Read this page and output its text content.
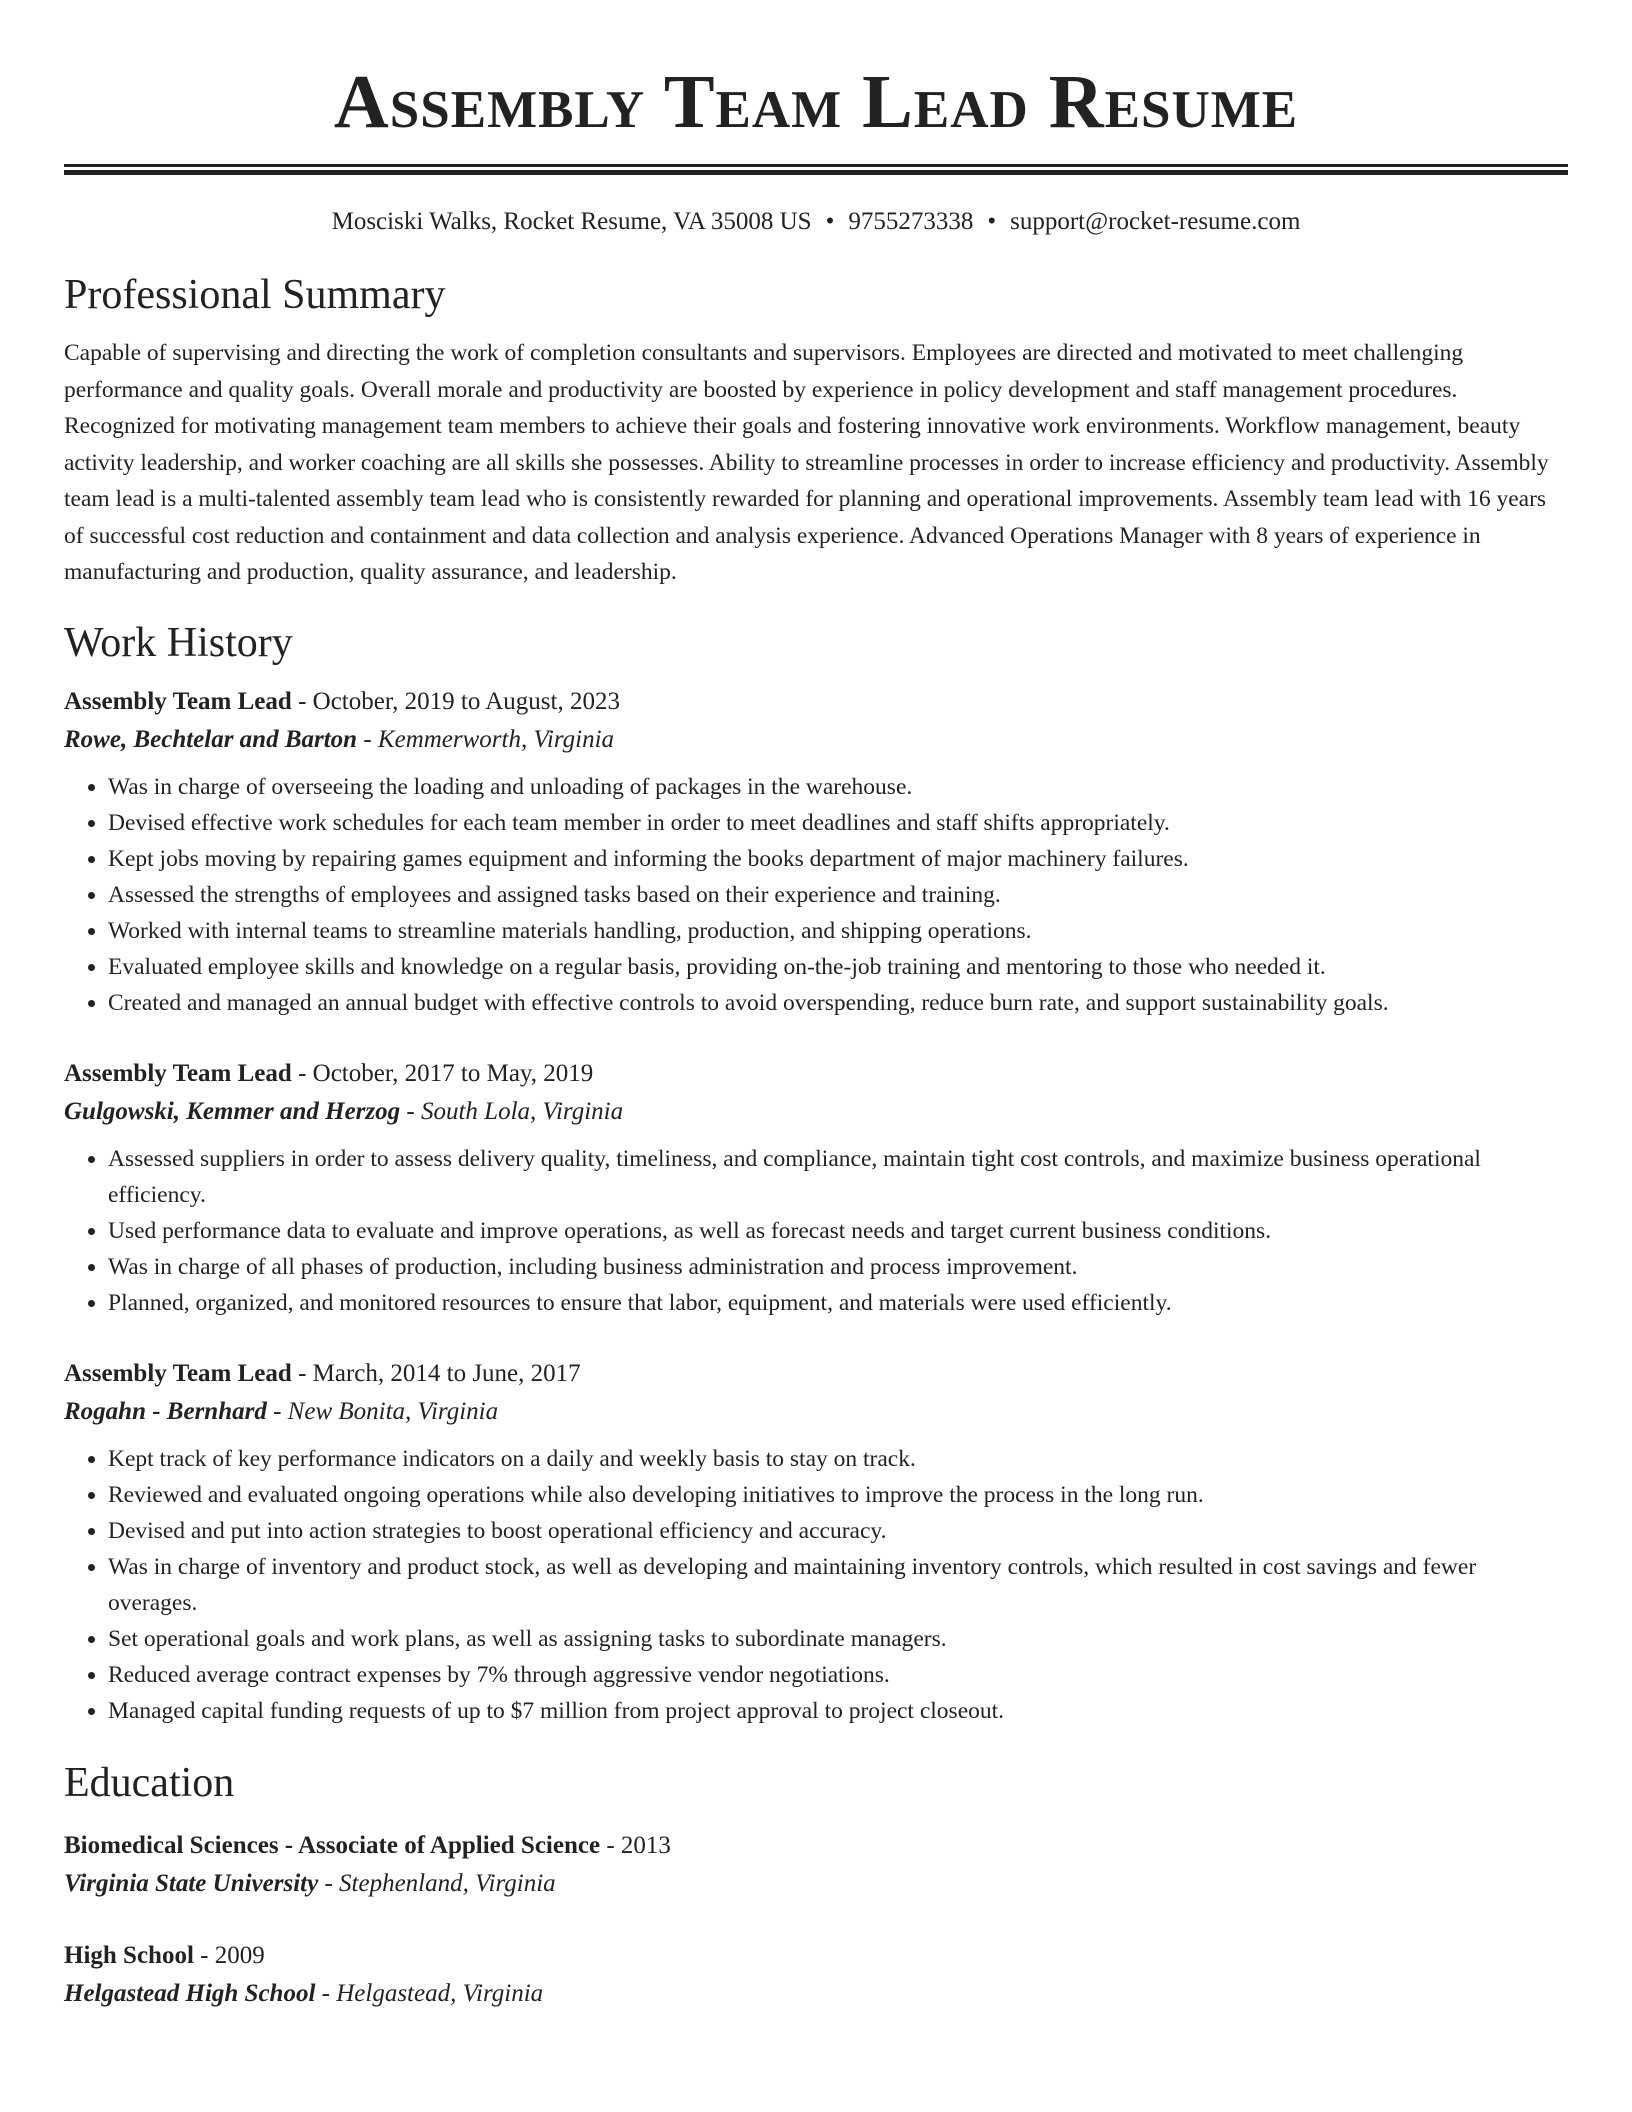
Assembly Team Lead Resume
Mosciski Walks, Rocket Resume, VA 35008 US • 9755273338 • support@rocket-resume.com
Professional Summary

Capable of supervising and directing the work of completion consultants and supervisors. Employees are directed and motivated to meet challenging performance and quality goals. Overall morale and productivity are boosted by experience in policy development and staff management procedures. Recognized for motivating management team members to achieve their goals and fostering innovative work environments. Workflow management, beauty activity leadership, and worker coaching are all skills she possesses. Ability to streamline processes in order to increase efficiency and productivity. Assembly team lead is a multi-talented assembly team lead who is consistently rewarded for planning and operational improvements. Assembly team lead with 16 years of successful cost reduction and containment and data collection and analysis experience. Advanced Operations Manager with 8 years of experience in manufacturing and production, quality assurance, and leadership.

Work History
Assembly Team Lead - October, 2019 to August, 2023
Rowe, Bechtelar and Barton - Kemmerworth, Virginia
• Was in charge of overseeing the loading and unloading of packages in the warehouse.
• Devised effective work schedules for each team member in order to meet deadlines and staff shifts appropriately.
• Kept jobs moving by repairing games equipment and informing the books department of major machinery failures.
• Assessed the strengths of employees and assigned tasks based on their experience and training.
• Worked with internal teams to streamline materials handling, production, and shipping operations.
• Evaluated employee skills and knowledge on a regular basis, providing on-the-job training and mentoring to those who needed it.
• Created and managed an annual budget with effective controls to avoid overspending, reduce burn rate, and support sustainability goals.
Assembly Team Lead - October, 2017 to May, 2019
Gulgowski, Kemmer and Herzog - South Lola, Virginia
• Assessed suppliers in order to assess delivery quality, timeliness, and compliance, maintain tight cost controls, and maximize business operational efficiency.
• Used performance data to evaluate and improve operations, as well as forecast needs and target current business conditions.
• Was in charge of all phases of production, including business administration and process improvement.
• Planned, organized, and monitored resources to ensure that labor, equipment, and materials were used efficiently.
Assembly Team Lead - March, 2014 to June, 2017
Rogahn - Bernhard - New Bonita, Virginia
• Kept track of key performance indicators on a daily and weekly basis to stay on track.
• Reviewed and evaluated ongoing operations while also developing initiatives to improve the process in the long run.
• Devised and put into action strategies to boost operational efficiency and accuracy.
• Was in charge of inventory and product stock, as well as developing and maintaining inventory controls, which resulted in cost savings and fewer overages.
• Set operational goals and work plans, as well as assigning tasks to subordinate managers.
• Reduced average contract expenses by 7% through aggressive vendor negotiations.
• Managed capital funding requests of up to $7 million from project approval to project closeout.
Education
Biomedical Sciences - Associate of Applied Science - 2013
Virginia State University - Stephenland, Virginia
High School - 2009
Helgastead High School - Helgastead, Virginia
